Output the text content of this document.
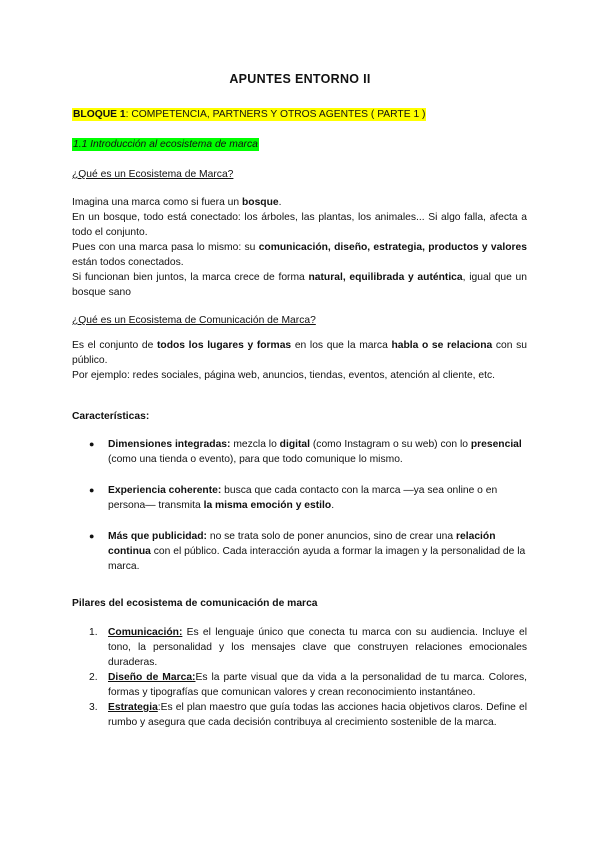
APUNTES ENTORNO II
BLOQUE 1: COMPETENCIA, PARTNERS Y OTROS AGENTES ( PARTE 1 )
1.1 Introducción al ecosistema de marca
¿Qué es un Ecosistema de Marca?
Imagina una marca como si fuera un bosque.
En un bosque, todo está conectado: los árboles, las plantas, los animales... Si algo falla, afecta a todo el conjunto.
Pues con una marca pasa lo mismo: su comunicación, diseño, estrategia, productos y valores están todos conectados.
Si funcionan bien juntos, la marca crece de forma natural, equilibrada y auténtica, igual que un bosque sano
¿Qué es un Ecosistema de Comunicación de Marca?
Es el conjunto de todos los lugares y formas en los que la marca habla o se relaciona con su público.
Por ejemplo: redes sociales, página web, anuncios, tiendas, eventos, atención al cliente, etc.
Características:
● Dimensiones integradas: mezcla lo digital (como Instagram o su web) con lo presencial (como una tienda o evento), para que todo comunique lo mismo.
● Experiencia coherente: busca que cada contacto con la marca —ya sea online o en persona— transmita la misma emoción y estilo.
● Más que publicidad: no se trata solo de poner anuncios, sino de crear una relación continua con el público. Cada interacción ayuda a formar la imagen y la personalidad de la marca.
Pilares del ecosistema de comunicación de marca
1. Comunicación: Es el lenguaje único que conecta tu marca con su audiencia. Incluye el tono, la personalidad y los mensajes clave que construyen relaciones emocionales duraderas.
2. Diseño de Marca:Es la parte visual que da vida a la personalidad de tu marca. Colores, formas y tipografías que comunican valores y crean reconocimiento instantáneo.
3. Estrategia:Es el plan maestro que guía todas las acciones hacia objetivos claros. Define el rumbo y asegura que cada decisión contribuya al crecimiento sostenible de la marca.
